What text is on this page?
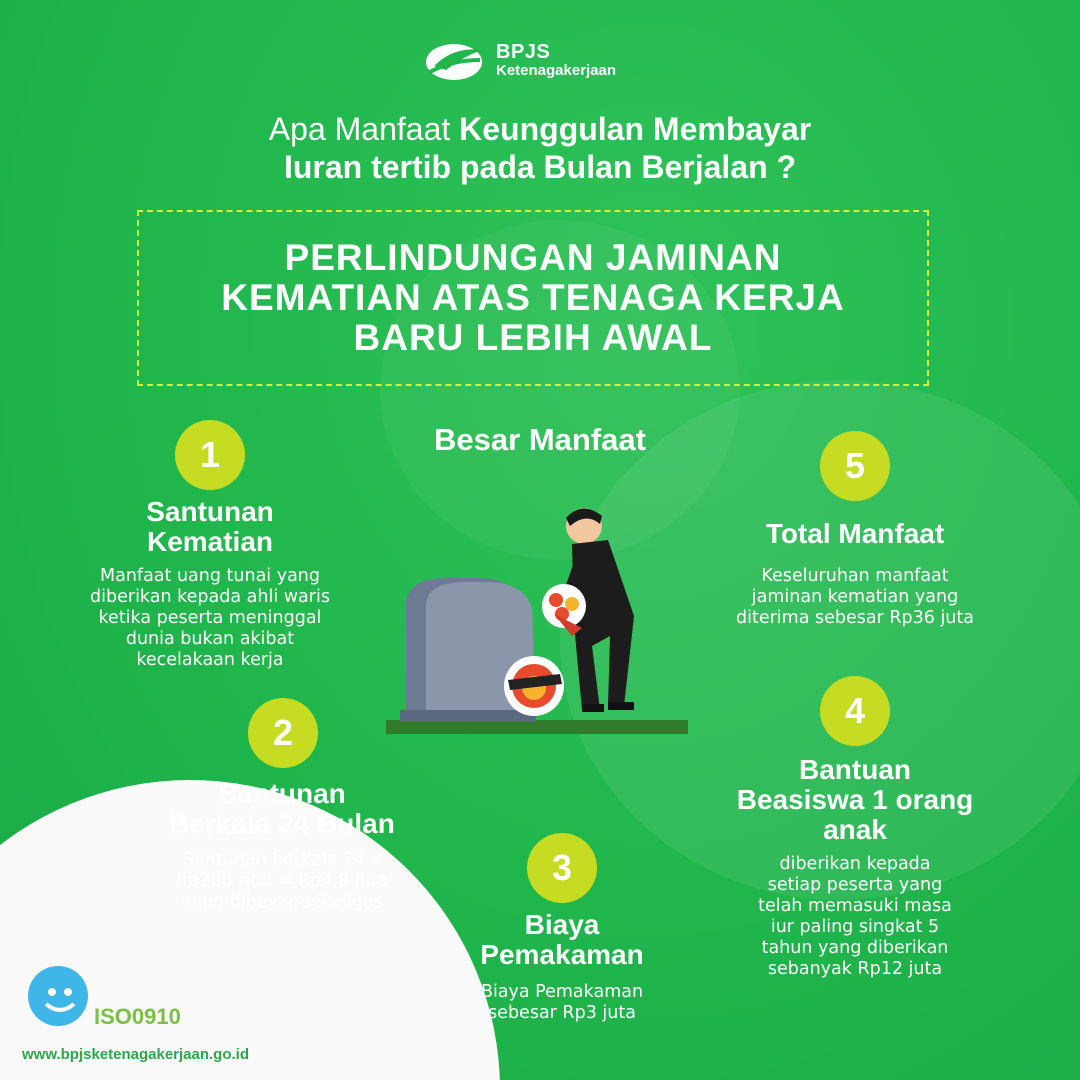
BPJS
Ketenagakerjaan
Apa Manfaat Keunggulan Membayar
Iuran tertib pada Bulan Berjalan ?
PERLINDUNGAN JAMINAN
KEMATIAN ATAS TENAGA KERJA
BARU LEBIH AWAL
Besar Manfaat
1
Santunan
Kematian
Manfaat uang tunai yang
diberikan kepada ahli waris
ketika peserta meninggal
dunia bukan akibat
kecelakaan kerja
2
Santunan
Berkala 24 Bulan
Santunan berkala 24 x
Rp200 ribu = Rp4,8 juta
yang dibayar sekaligus
3
Biaya
Pemakaman
Biaya Pemakaman
sebesar Rp3 juta
4
Bantuan
Beasiswa 1 orang
anak
diberikan kepada
setiap peserta yang
telah memasuki masa
iur paling singkat 5
tahun yang diberikan
sebanyak Rp12 juta
5
Total Manfaat
Keseluruhan manfaat
jaminan kematian yang
diterima sebesar Rp36 juta
ISO0910
www.bpjsketenagakerjaan.go.id
